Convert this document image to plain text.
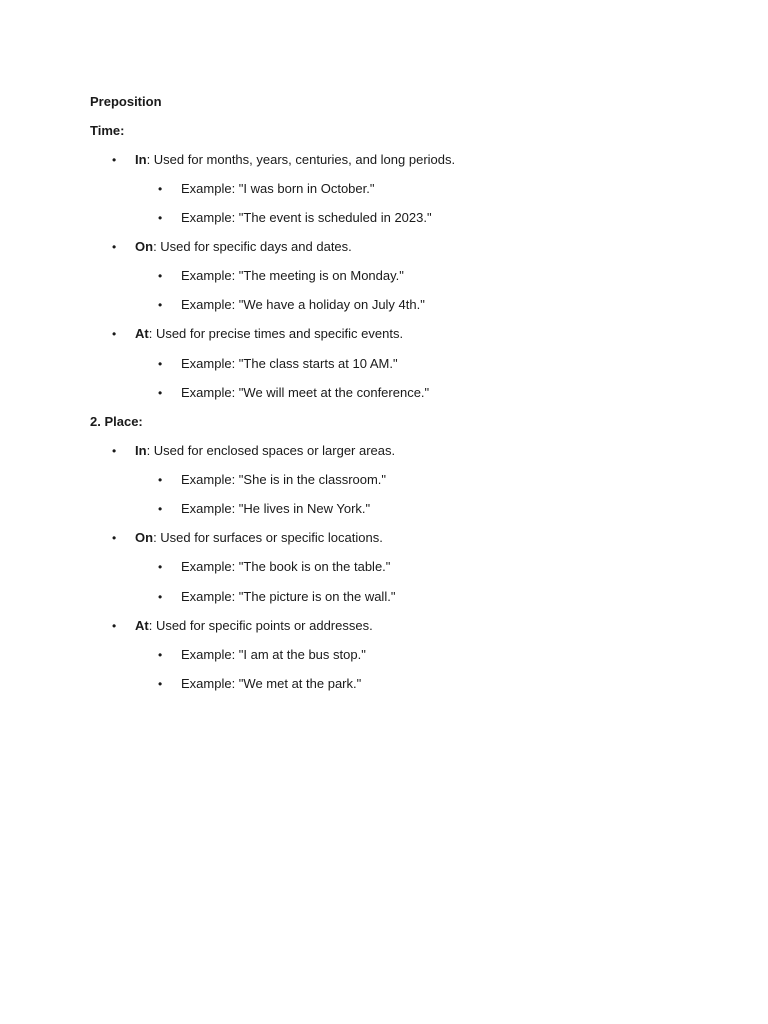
Preposition
Time:
• In: Used for months, years, centuries, and long periods.
• Example: "I was born in October."
• Example: "The event is scheduled in 2023."
• On: Used for specific days and dates.
• Example: "The meeting is on Monday."
• Example: "We have a holiday on July 4th."
• At: Used for precise times and specific events.
• Example: "The class starts at 10 AM."
• Example: "We will meet at the conference."
2. Place:
• In: Used for enclosed spaces or larger areas.
• Example: "She is in the classroom."
• Example: "He lives in New York."
• On: Used for surfaces or specific locations.
• Example: "The book is on the table."
• Example: "The picture is on the wall."
• At: Used for specific points or addresses.
• Example: "I am at the bus stop."
• Example: "We met at the park."
